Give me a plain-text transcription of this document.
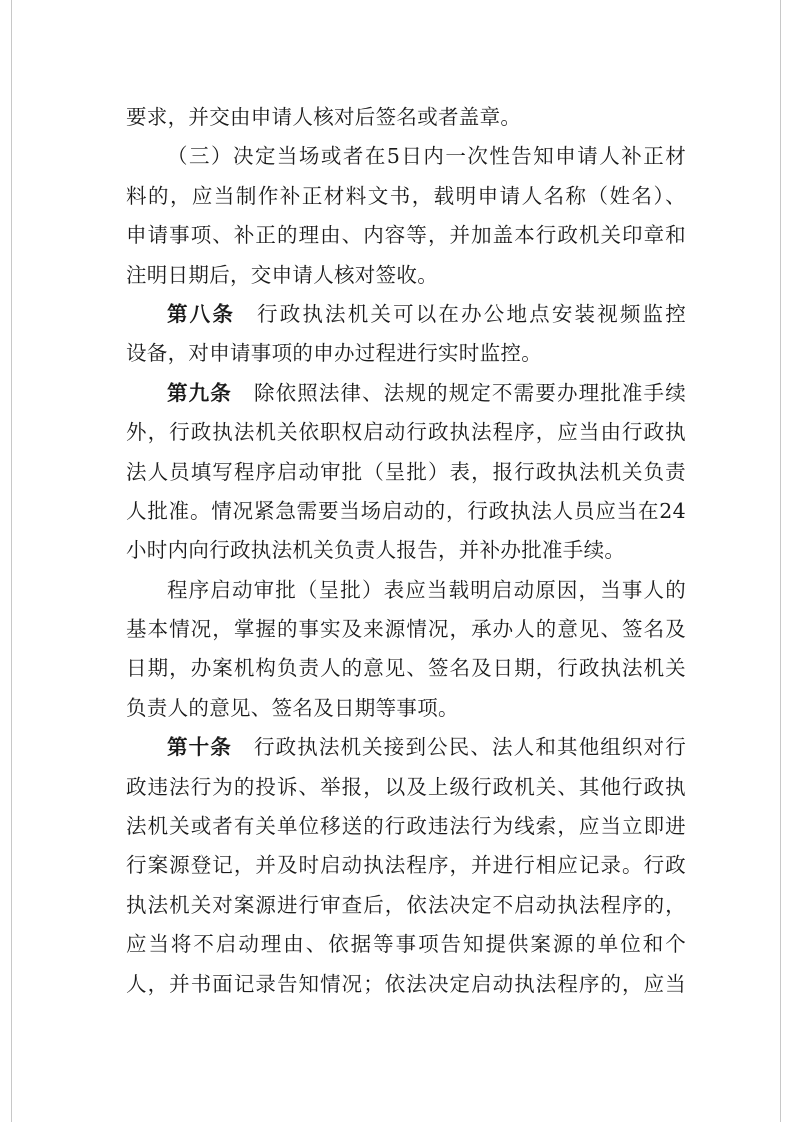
要求，并交由申请人核对后签名或者盖章。
（三）决定当场或者在5日内一次性告知申请人补正材
料的，应当制作补正材料文书，载明申请人名称（姓名）、
申请事项、补正的理由、内容等，并加盖本行政机关印章和
注明日期后，交申请人核对签收。
第八条 行政执法机关可以在办公地点安装视频监控
设备，对申请事项的申办过程进行实时监控。
第九条 除依照法律、法规的规定不需要办理批准手续
外，行政执法机关依职权启动行政执法程序，应当由行政执
法人员填写程序启动审批（呈批）表，报行政执法机关负责
人批准。情况紧急需要当场启动的，行政执法人员应当在24
小时内向行政执法机关负责人报告，并补办批准手续。
程序启动审批（呈批）表应当载明启动原因，当事人的
基本情况，掌握的事实及来源情况，承办人的意见、签名及
日期，办案机构负责人的意见、签名及日期，行政执法机关
负责人的意见、签名及日期等事项。
第十条 行政执法机关接到公民、法人和其他组织对行
政违法行为的投诉、举报，以及上级行政机关、其他行政执
法机关或者有关单位移送的行政违法行为线索，应当立即进
行案源登记，并及时启动执法程序，并进行相应记录。行政
执法机关对案源进行审查后，依法决定不启动执法程序的，
应当将不启动理由、依据等事项告知提供案源的单位和个
人，并书面记录告知情况；依法决定启动执法程序的，应当
